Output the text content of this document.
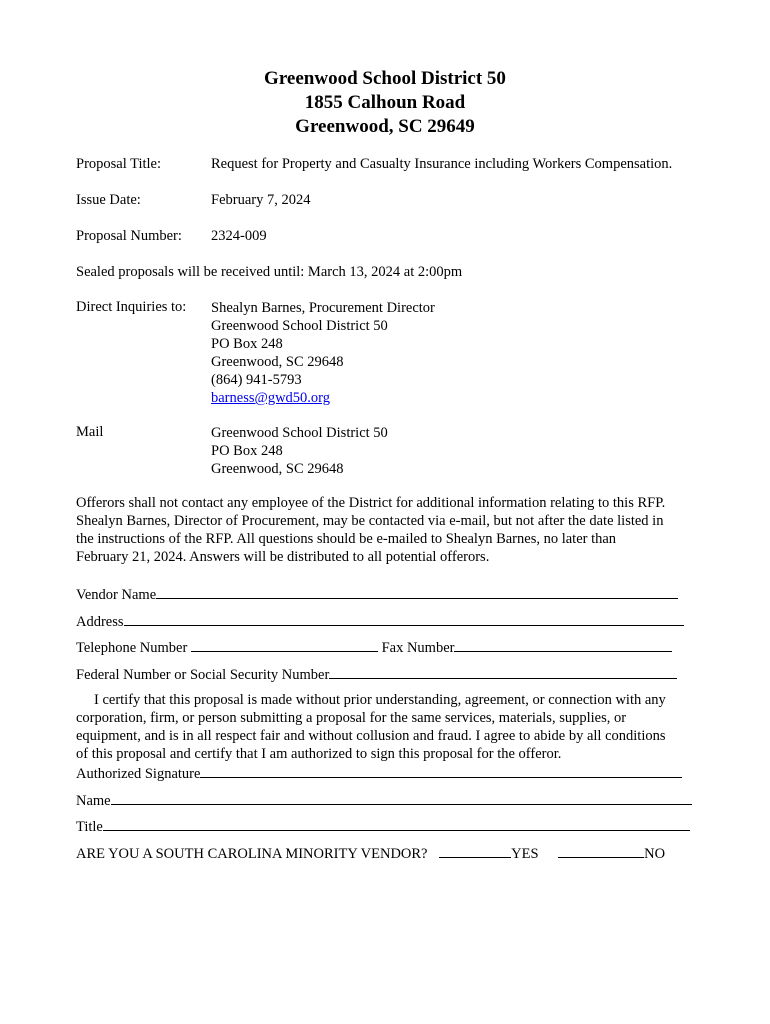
Greenwood School District 50
1855 Calhoun Road
Greenwood, SC 29649
Proposal Title:	Request for Property and Casualty Insurance including Workers Compensation.
Issue Date:	February 7, 2024
Proposal Number: 2324-009
Sealed proposals will be received until: March 13, 2024 at 2:00pm
Direct Inquiries to: Shealyn Barnes, Procurement Director
Greenwood School District 50
PO Box 248
Greenwood, SC 29648
(864) 941-5793
barness@gwd50.org
Mail	Greenwood School District 50
PO Box 248
Greenwood, SC 29648
Offerors shall not contact any employee of the District for additional information relating to this RFP.
Shealyn Barnes, Director of Procurement, may be contacted via e-mail, but not after the date listed in
the instructions of the RFP. All questions should be e-mailed to Shealyn Barnes, no later than
February 21, 2024. Answers will be distributed to all potential offerors.
Vendor Name
Address
Telephone Number	Fax Number
Federal Number or Social Security Number
I certify that this proposal is made without prior understanding, agreement, or connection with any
corporation, firm, or person submitting a proposal for the same services, materials, supplies, or
equipment, and is in all respect fair and without collusion and fraud. I agree to abide by all conditions
of this proposal and certify that I am authorized to sign this proposal for the offeror.
Authorized Signature
Name
Title
ARE YOU A SOUTH CAROLINA MINORITY VENDOR?	YES	NO
